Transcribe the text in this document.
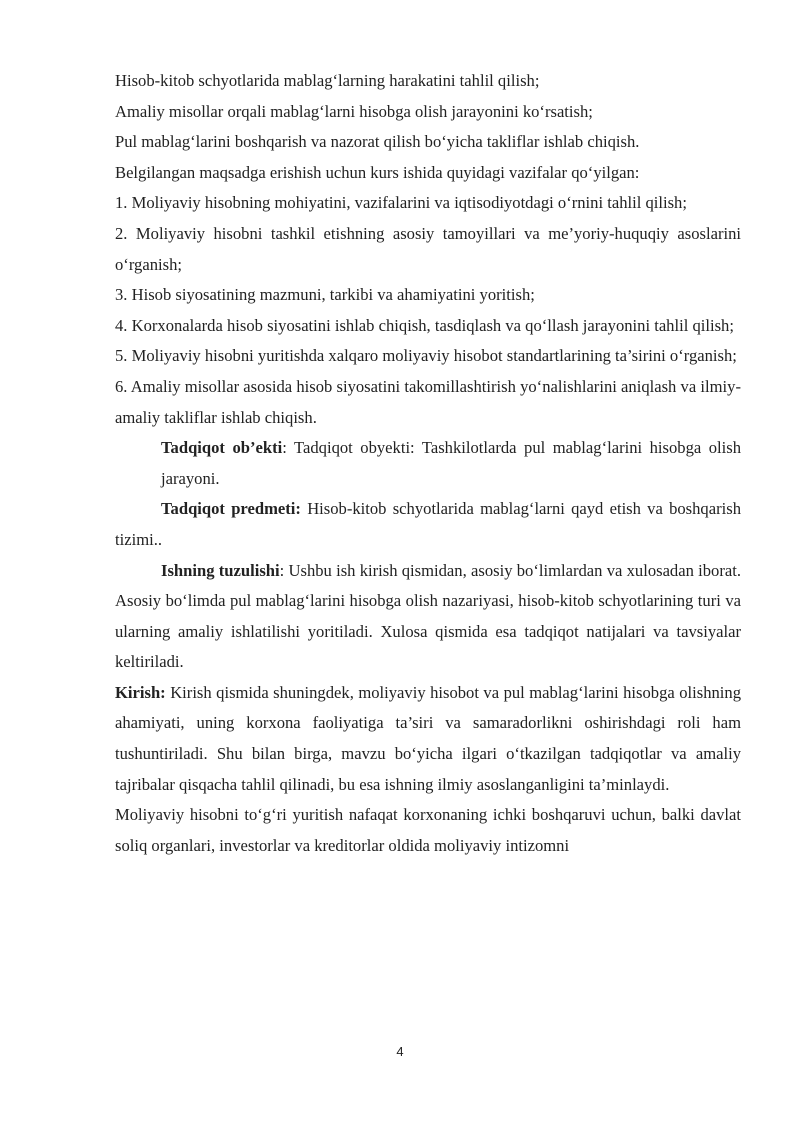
Hisob-kitob schyotlarida mablag‘larning harakatini tahlil qilish;

Amaliy misollar orqali mablag‘larni hisobga olish jarayonini ko‘rsatish;

Pul mablag‘larini boshqarish va nazorat qilish bo‘yicha takliflar ishlab chiqish.

Belgilangan maqsadga erishish uchun kurs ishida quyidagi vazifalar qo‘yilgan:

1. Moliyaviy hisobning mohiyatini, vazifalarini va iqtisodiyotdagi o‘rnini tahlil qilish;

2. Moliyaviy hisobni tashkil etishning asosiy tamoyillari va me’yoriy-huquqiy asoslarini o‘rganish;

3. Hisob siyosatining mazmuni, tarkibi va ahamiyatini yoritish;

4. Korxonalarda hisob siyosatini ishlab chiqish, tasdiqlash va qo‘llash jarayonini tahlil qilish;

5. Moliyaviy hisobni yuritishda xalqaro moliyaviy hisobot standartlarining ta’sirini o‘rganish;

6. Amaliy misollar asosida hisob siyosatini takomillashtirish yo‘nalishlarini aniqlash va ilmiy-amaliy takliflar ishlab chiqish.

Tadqiqot ob’ekti: Tadqiqot obyekti: Tashkilotlarda pul mablag‘larini hisobga olish jarayoni.

Tadqiqot predmeti: Hisob-kitob schyotlarida mablag‘larni qayd etish va boshqarish tizimi..

Ishning tuzulishi: Ushbu ish kirish qismidan, asosiy bo‘limlardan va xulosadan iborat. Asosiy bo‘limda pul mablag‘larini hisobga olish nazariyasi, hisob-kitob schyotlarining turi va ularning amaliy ishlatilishi yoritiladi. Xulosa qismida esa tadqiqot natijalari va tavsiyalar keltiriladi.

Kirish: Kirish qismida shuningdek, moliyaviy hisobot va pul mablag‘larini hisobga olishning ahamiyati, uning korxona faoliyatiga ta’siri va samaradorlikni oshirishdagi roli ham tushuntiriladi. Shu bilan birga, mavzu bo‘yicha ilgari o‘tkazilgan tadqiqotlar va amaliy tajribalar qisqacha tahlil qilinadi, bu esa ishning ilmiy asoslanganligini ta’minlaydi.

Moliyaviy hisobni to‘g‘ri yuritish nafaqat korxonaning ichki boshqaruvi uchun, balki davlat soliq organlari, investorlar va kreditorlar oldida moliyaviy intizomni

4
